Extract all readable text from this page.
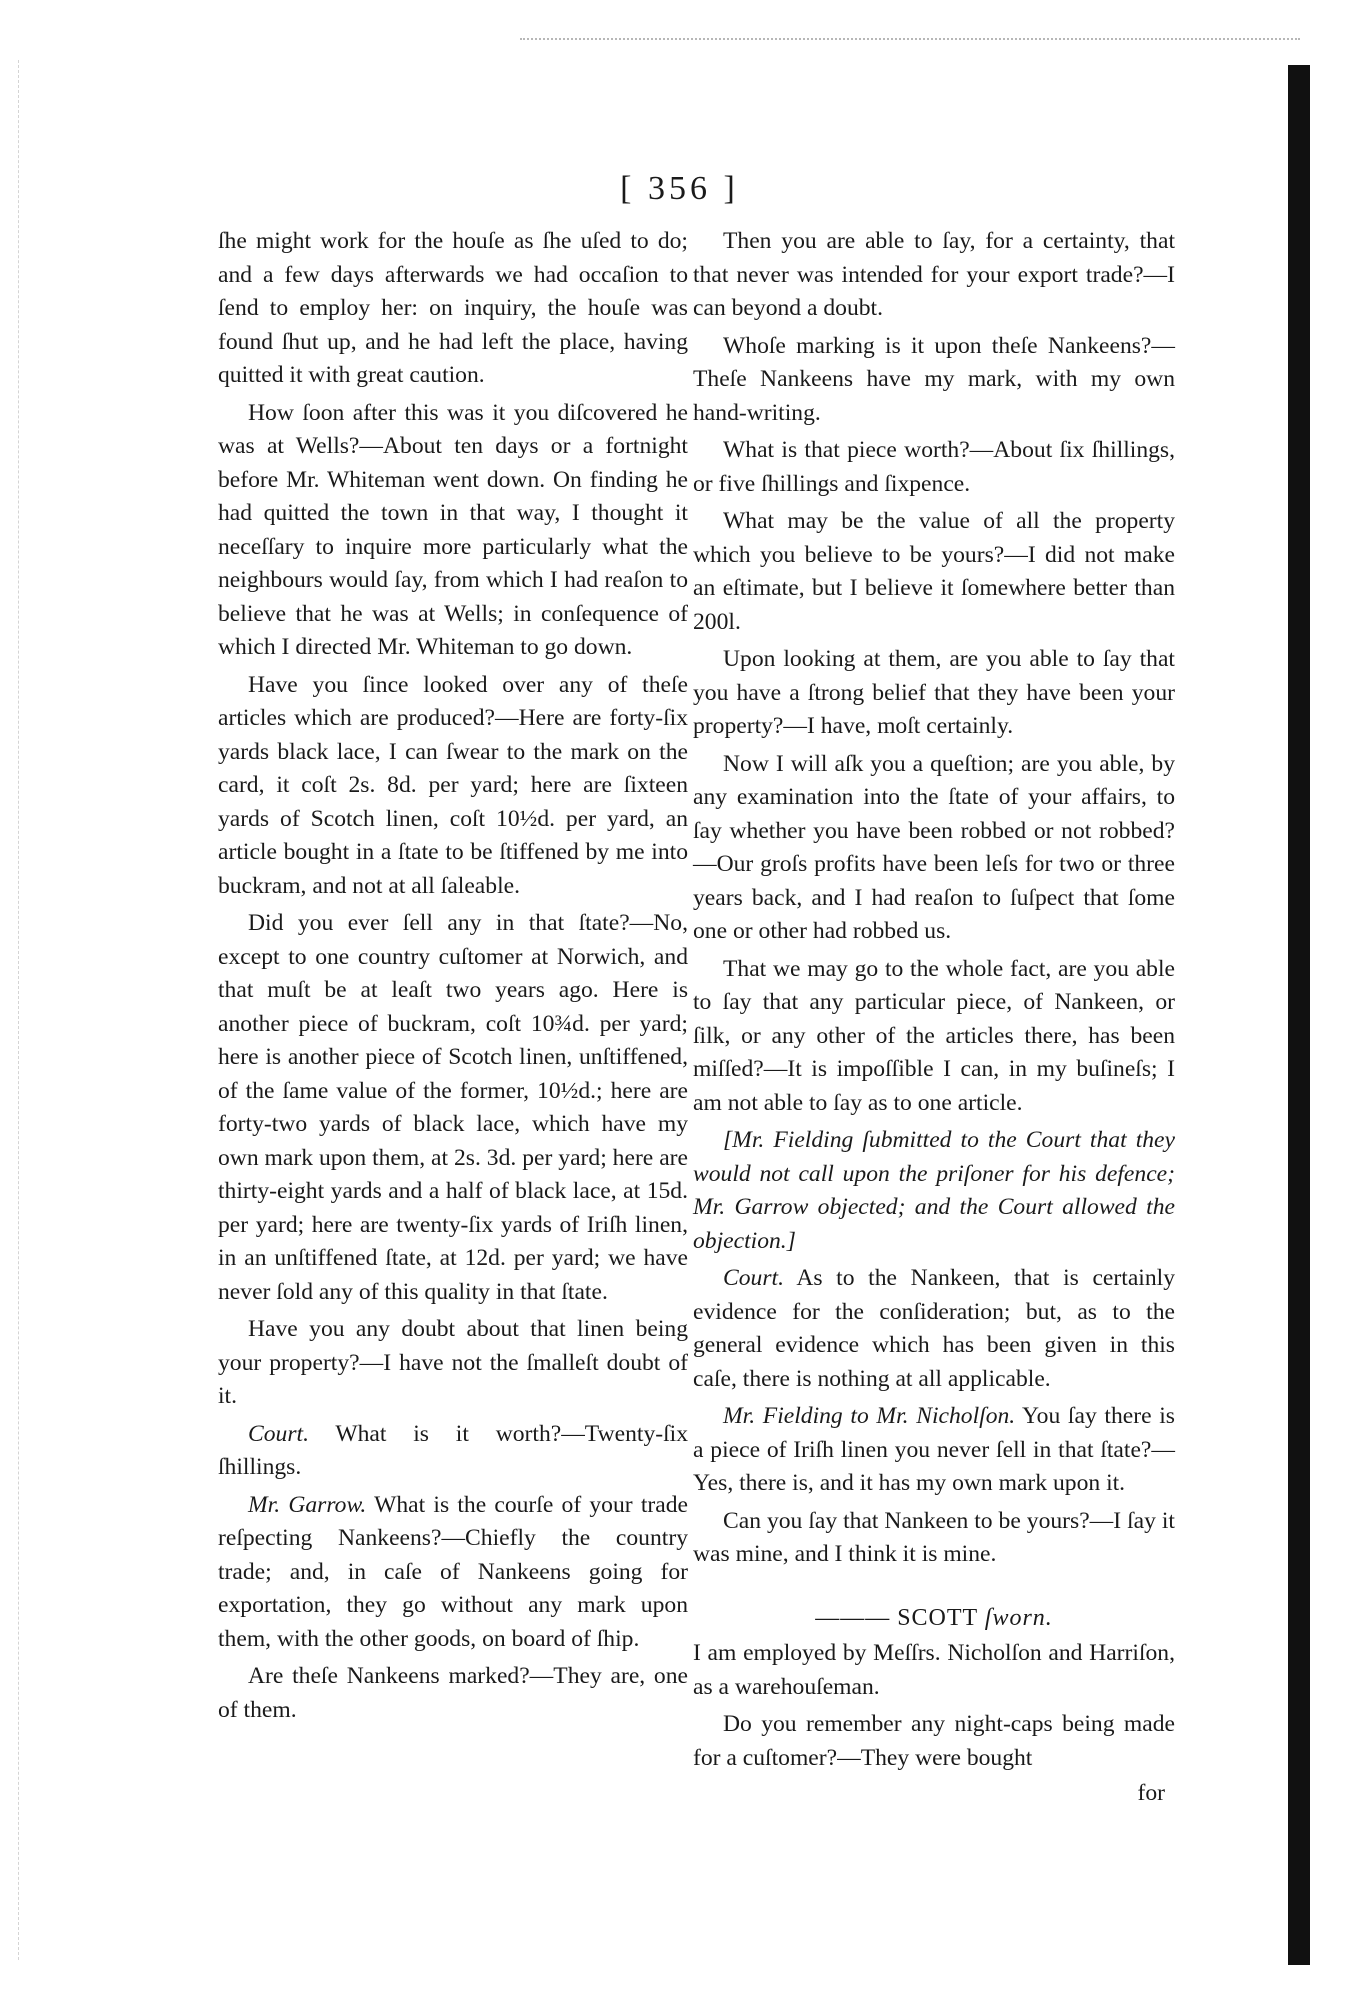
[ 356 ]

ſhe might work for the houſe as ſhe uſed to do; and a few days afterwards we had occaſion to ſend to employ her: on inquiry, the houſe was found ſhut up, and he had left the place, having quitted it with great caution.

How ſoon after this was it you diſcovered he was at Wells?—About ten days or a fortnight before Mr. Whiteman went down. On finding he had quitted the town in that way, I thought it neceſſary to inquire more particularly what the neighbours would ſay, from which I had reaſon to believe that he was at Wells; in conſequence of which I directed Mr. Whiteman to go down.

Have you ſince looked over any of theſe articles which are produced?—Here are forty-ſix yards black lace, I can ſwear to the mark on the card, it coſt 2s. 8d. per yard; here are ſixteen yards of Scotch linen, coſt 10½d. per yard, an article bought in a ſtate to be ſtiffened by me into buckram, and not at all ſaleable.

Did you ever ſell any in that ſtate?—No, except to one country cuſtomer at Norwich, and that muſt be at leaſt two years ago. Here is another piece of buckram, coſt 10¾d. per yard; here is another piece of Scotch linen, unſtiffened, of the ſame value of the former, 10½d.; here are forty-two yards of black lace, which have my own mark upon them, at 2s. 3d. per yard; here are thirty-eight yards and a half of black lace, at 15d. per yard; here are twenty-ſix yards of Iriſh linen, in an unſtiffened ſtate, at 12d. per yard; we have never ſold any of this quality in that ſtate.

Have you any doubt about that linen being your property?—I have not the ſmalleſt doubt of it.

Court. What is it worth?—Twenty-ſix ſhillings.

Mr. Garrow. What is the courſe of your trade reſpecting Nankeens?—Chiefly the country trade; and, in caſe of Nankeens going for exportation, they go without any mark upon them, with the other goods, on board of ſhip.

Are theſe Nankeens marked?—They are, one of them.

Then you are able to ſay, for a certainty, that that never was intended for your export trade?—I can beyond a doubt.

Whoſe marking is it upon theſe Nankeens?—Theſe Nankeens have my mark, with my own hand-writing.

What is that piece worth?—About ſix ſhillings, or five ſhillings and ſixpence.

What may be the value of all the property which you believe to be yours?—I did not make an eſtimate, but I believe it ſomewhere better than 200l.

Upon looking at them, are you able to ſay that you have a ſtrong belief that they have been your property?—I have, moſt certainly.

Now I will aſk you a queſtion; are you able, by any examination into the ſtate of your affairs, to ſay whether you have been robbed or not robbed?—Our groſs profits have been leſs for two or three years back, and I had reaſon to ſuſpect that ſome one or other had robbed us.

That we may go to the whole fact, are you able to ſay that any particular piece, of Nankeen, or ſilk, or any other of the articles there, has been miſſed?—It is impoſſible I can, in my buſineſs; I am not able to ſay as to one article.

[Mr. Fielding ſubmitted to the Court that they would not call upon the priſoner for his defence; Mr. Garrow objected; and the Court allowed the objection.]

Court. As to the Nankeen, that is certainly evidence for the conſideration; but, as to the general evidence which has been given in this caſe, there is nothing at all applicable.

Mr. Fielding to Mr. Nicholſon. You ſay there is a piece of Iriſh linen you never ſell in that ſtate?—Yes, there is, and it has my own mark upon it.

Can you ſay that Nankeen to be yours?—I ſay it was mine, and I think it is mine.

——— SCOTT ſworn.

I am employed by Meſſrs. Nicholſon and Harriſon, as a warehouſeman.

Do you remember any night-caps being made for a cuſtomer?—They were bought

for
